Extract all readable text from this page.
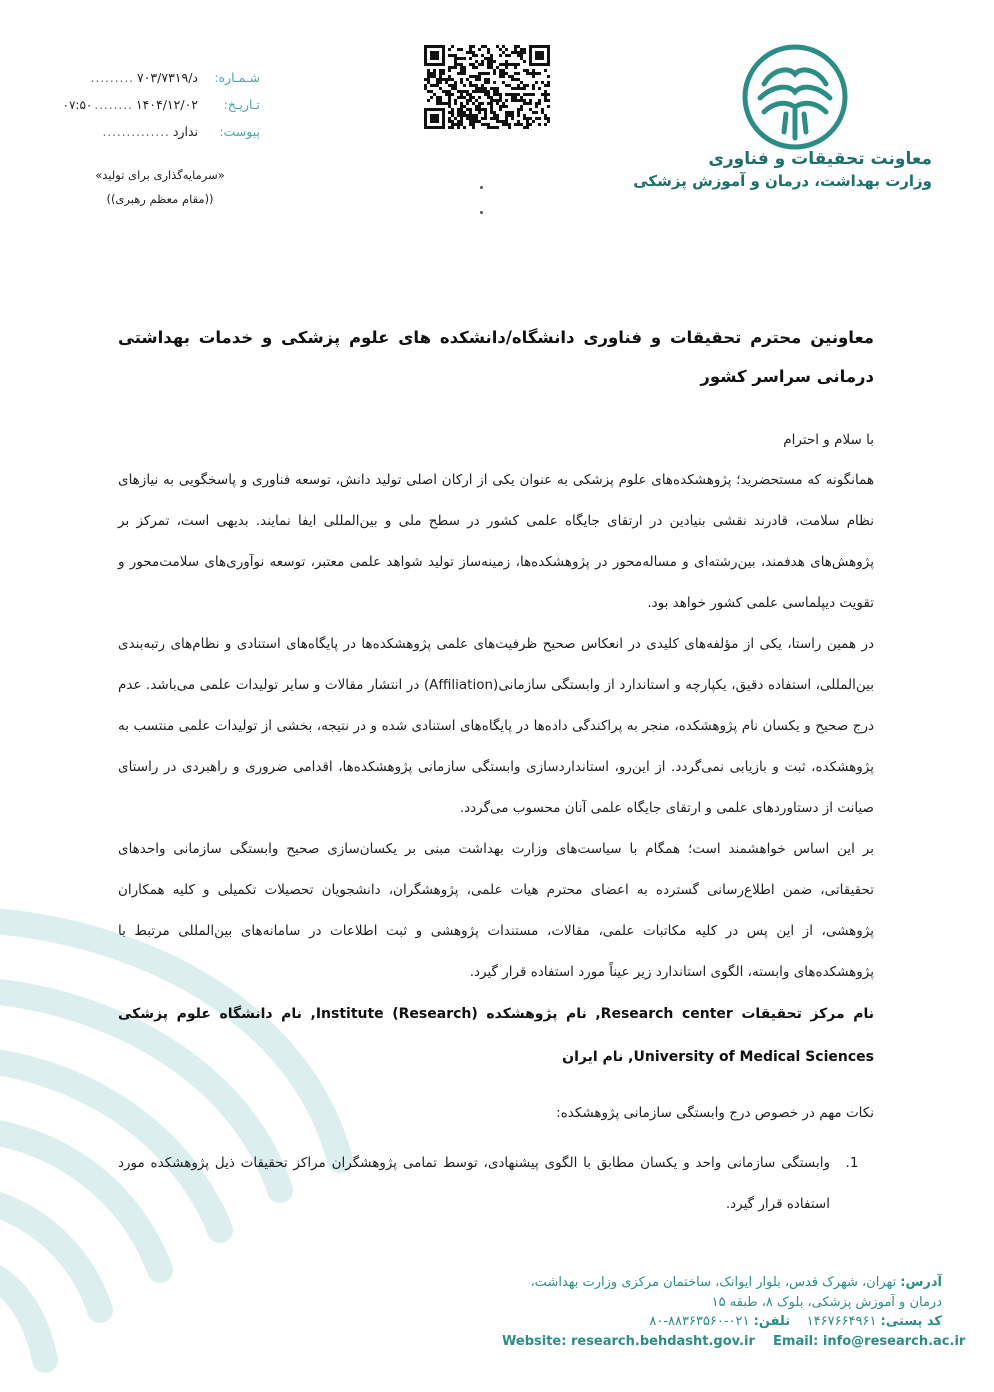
شـمـاره:
د/۷۰۳/۷۳۱۹
.........
تـاریـخ:
۱۴۰۴/۱۲/۰۲
........
۰۷:۵۰
پیوست:
ندارد
..............
«سرمایه‌گذاری برای تولید»
((مقام معظم رهبری))
معاونت تحقیقات و فناوری
وزارت بهداشت، درمان و آموزش پزشکی

معاونین محترم تحقیقات و فناوری دانشگاه/دانشکده های علوم پزشکی و خدمات بهداشتی درمانی سراسر کشور

با سلام و احترام

همانگونه که مستحضرید؛ پژوهشکده‌های علوم پزشکی به عنوان یکی از ارکان اصلی تولید دانش، توسعه فناوری و پاسخگویی به نیازهای نظام سلامت، قادرند نقشی بنیادین در ارتقای جایگاه علمی کشور در سطح ملی و بین‌المللی ایفا نمایند. بدیهی است، تمرکز بر پژوهش‌های هدفمند، بین‌رشته‌ای و مساله‌محور در پژوهشکده‌ها، زمینه‌ساز تولید شواهد علمی معتبر، توسعه نوآوری‌های سلامت‌محور و تقویت دیپلماسی علمی کشور خواهد بود.

در همین راستا، یکی از مؤلفه‌های کلیدی در انعکاس صحیح ظرفیت‌های علمی پژوهشکده‌ها در پایگاه‌های استنادی و نظام‌های رتبه‌بندی بین‌المللی، استفاده دقیق، یکپارچه و استاندارد از وابستگی سازمانی(Affiliation) در انتشار مقالات و سایر تولیدات علمی می‌باشد. عدم درج صحیح و یکسان نام پژوهشکده، منجر به پراکندگی داده‌ها در پایگاه‌های استنادی شده و در نتیجه، بخشی از تولیدات علمی منتسب به پژوهشکده، ثبت و بازیابی نمی‌گردد. از این‌رو، استانداردسازی وابستگی سازمانی پژوهشکده‌ها، اقدامی ضروری و راهبردی در راستای صیانت از دستاوردهای علمی و ارتقای جایگاه علمی آنان محسوب می‌گردد.

بر این اساس خواهشمند است؛ همگام با سیاست‌های وزارت بهداشت مبنی بر یکسان‌سازی صحیح وابستگی سازمانی واحدهای تحقیقاتی، ضمن اطلاع‌رسانی گسترده به اعضای محترم هیات علمی، پژوهشگران، دانشجویان تحصیلات تکمیلی و کلیه همکاران پژوهشی، از این پس در کلیه مکاتبات علمی، مقالات، مستندات پژوهشی و ثبت اطلاعات در سامانه‌های بین‌المللی مرتبط با پژوهشکده‌های وابسته، الگوی استاندارد زیر عیناً مورد استفاده قرار گیرد.

نام مرکز تحقیقات Research center, نام پژوهشکده (Research) Institute, نام دانشگاه علوم پزشکی University of Medical Sciences, نام ایران

نکات مهم در خصوص درج وابستگی سازمانی پژوهشکده:

1.
وابستگی سازمانی واحد و یکسان مطابق با الگوی پیشنهادی، توسط تمامی پژوهشگران مراکز تحقیقات ذیل پژوهشکده مورد استفاده قرار گیرد.
آدرس: تهران، شهرک قدس، بلوار ایوانک، ساختمان مرکزی وزارت بهداشت، درمان و آموزش پزشکی، بلوک ۸، طبقه ۱۵
کد پستی: ۱۴۶۷۶۶۴۹۶۱    تلفن: ۰۲۱-۸۸۳۶۳۵۶۰-۸۰
Website: research.behdasht.gov.ir Email: info@research.ac.ir
